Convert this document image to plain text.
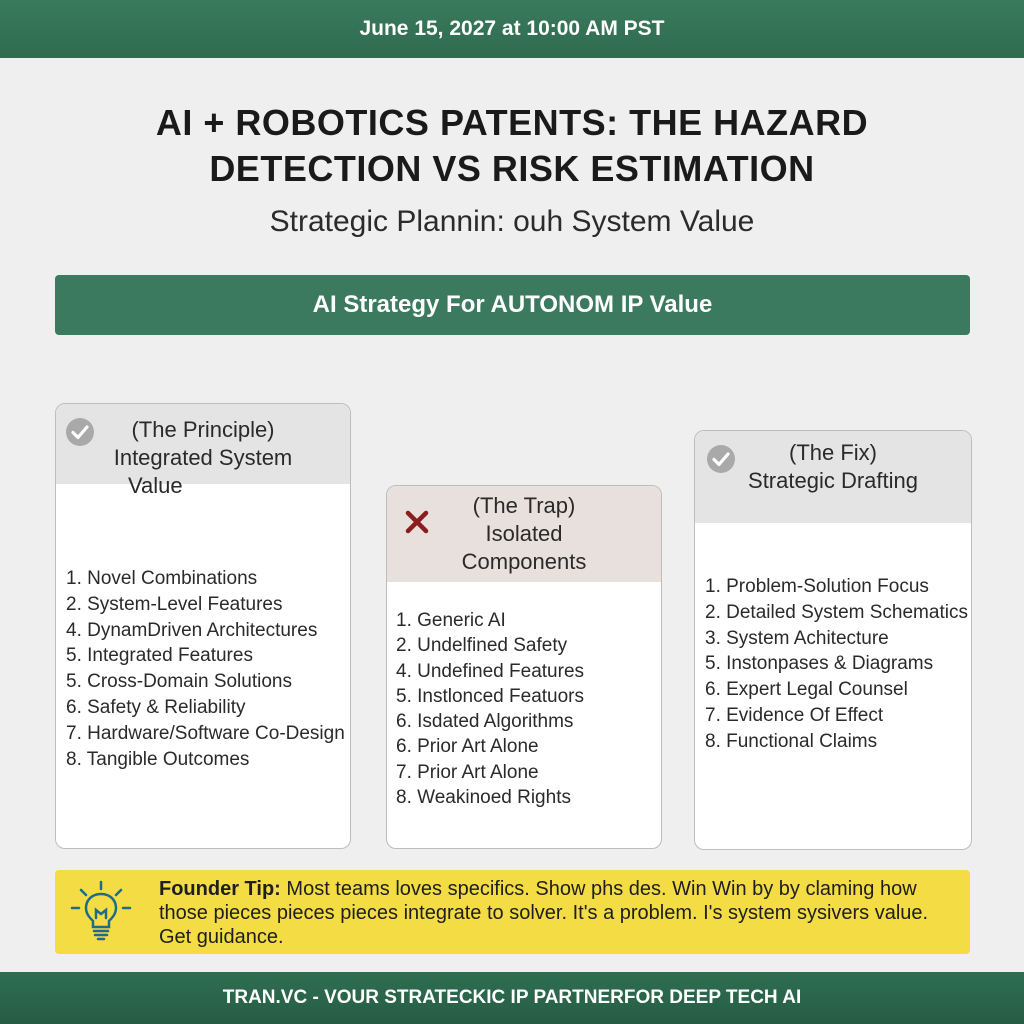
June 15, 2027 at 10:00 AM PST
AI + ROBOTICS PATENTS: THE HAZARD
DETECTION VS RISK ESTIMATION
Strategic Plannin: ouh System Value
AI Strategy For AUTONOM IP Value
(The Principle)
Integrated System
Value
1. Novel Combinations
2. System-Level Features
4. DynamDriven Architectures
5. Integrated Features
5. Cross-Domain Solutions
6. Safety & Reliability
7. Hardware/Software Co-Design
8. Tangible Outcomes
(The Trap)
Isolated
Components
1. Generic AI
2. Undelfined Safety
4. Undefined Features
5. Instlonced Featuors
6. Isdated Algorithms
6. Prior Art Alone
7. Prior Art Alone
8. Weakinoed Rights
(The Fix)
Strategic Drafting
1. Problem-Solution Focus
2. Detailed System Schematics
3. System Achitecture
5. Instonpases & Diagrams
6. Expert Legal Counsel
7. Evidence Of Effect
8. Functional Claims
Founder Tip: Most teams loves specifics. Show phs des. Win Win by by claming how those pieces pieces pieces integrate to solver. It's a problem. I's system sysivers value. Get guidance.
TRAN.VC - VOUR STRATECKIC IP PARTNERFOR DEEP TECH AI
